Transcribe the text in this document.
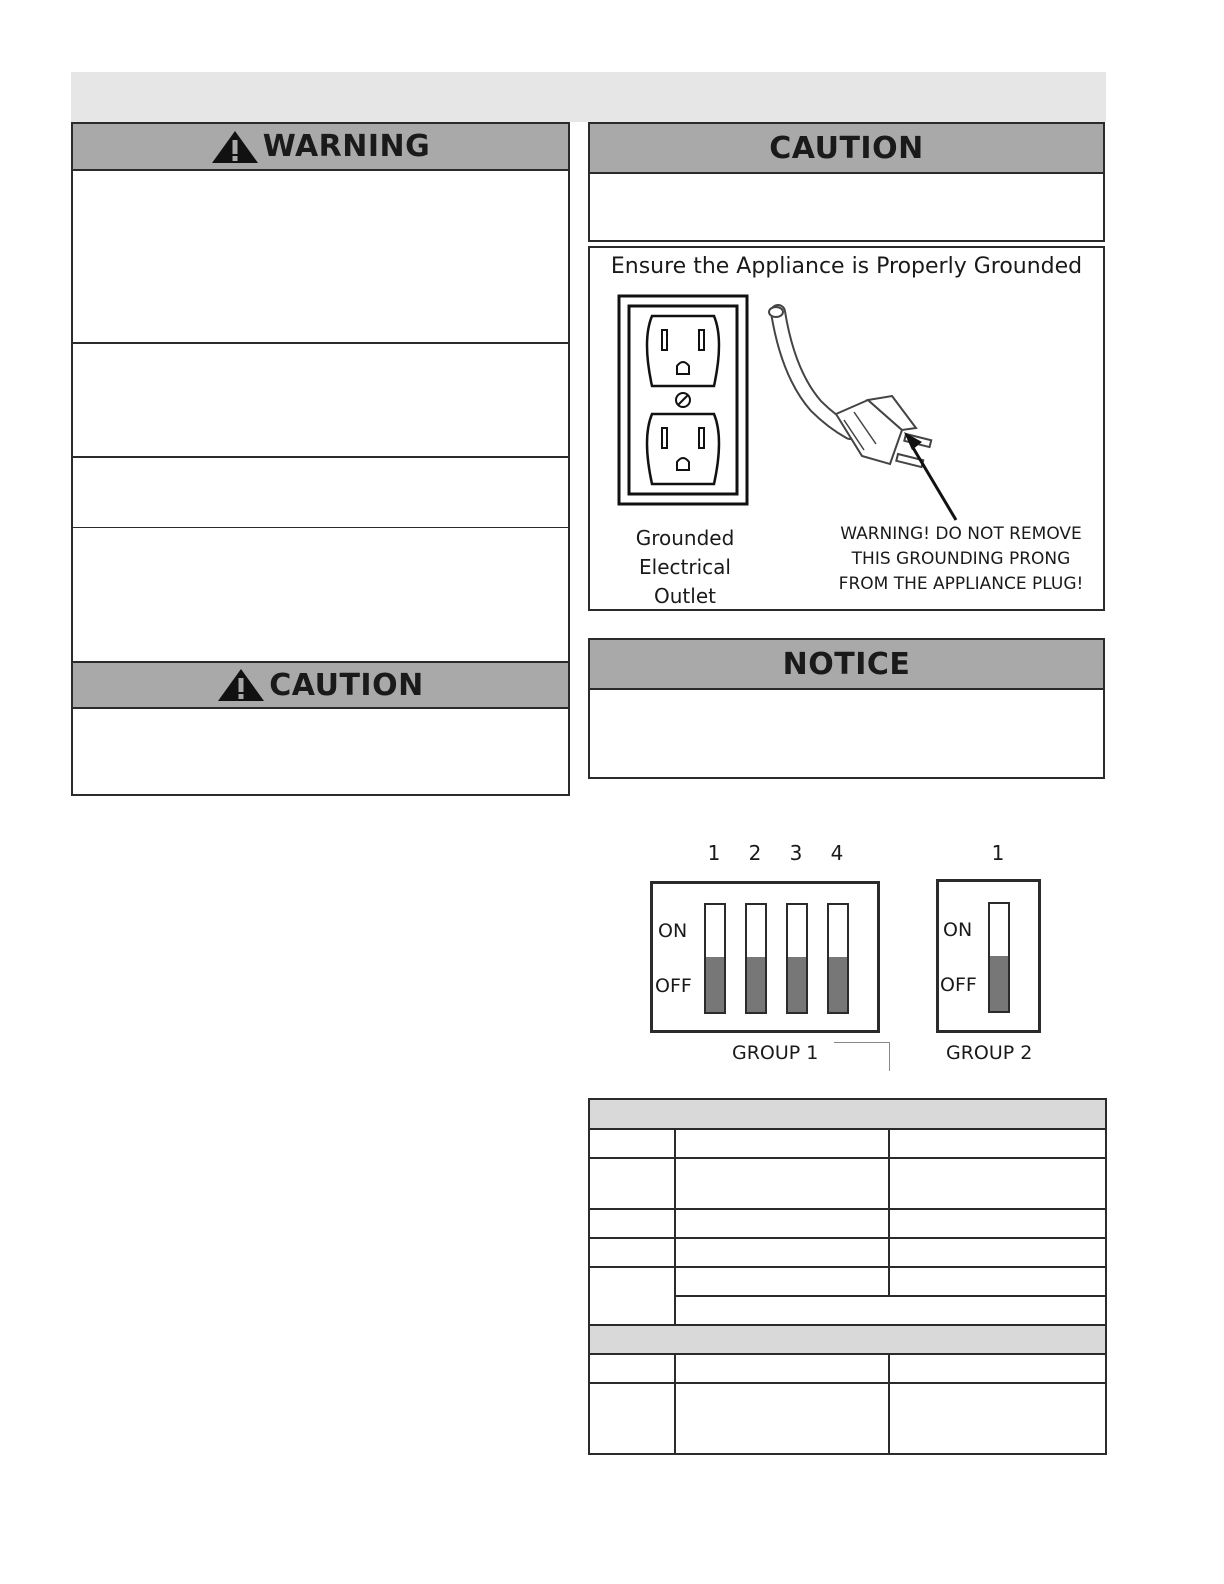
WARNING
CAUTION
CAUTION
Ensure the Appliance is Properly Grounded
Grounded
Electrical
Outlet
WARNING! DO NOT REMOVE
THIS GROUNDING PRONG
FROM THE APPLIANCE PLUG!
NOTICE
1	2	3	4
ON
OFF
GROUP 1
1
ON
OFF
GROUP 2
